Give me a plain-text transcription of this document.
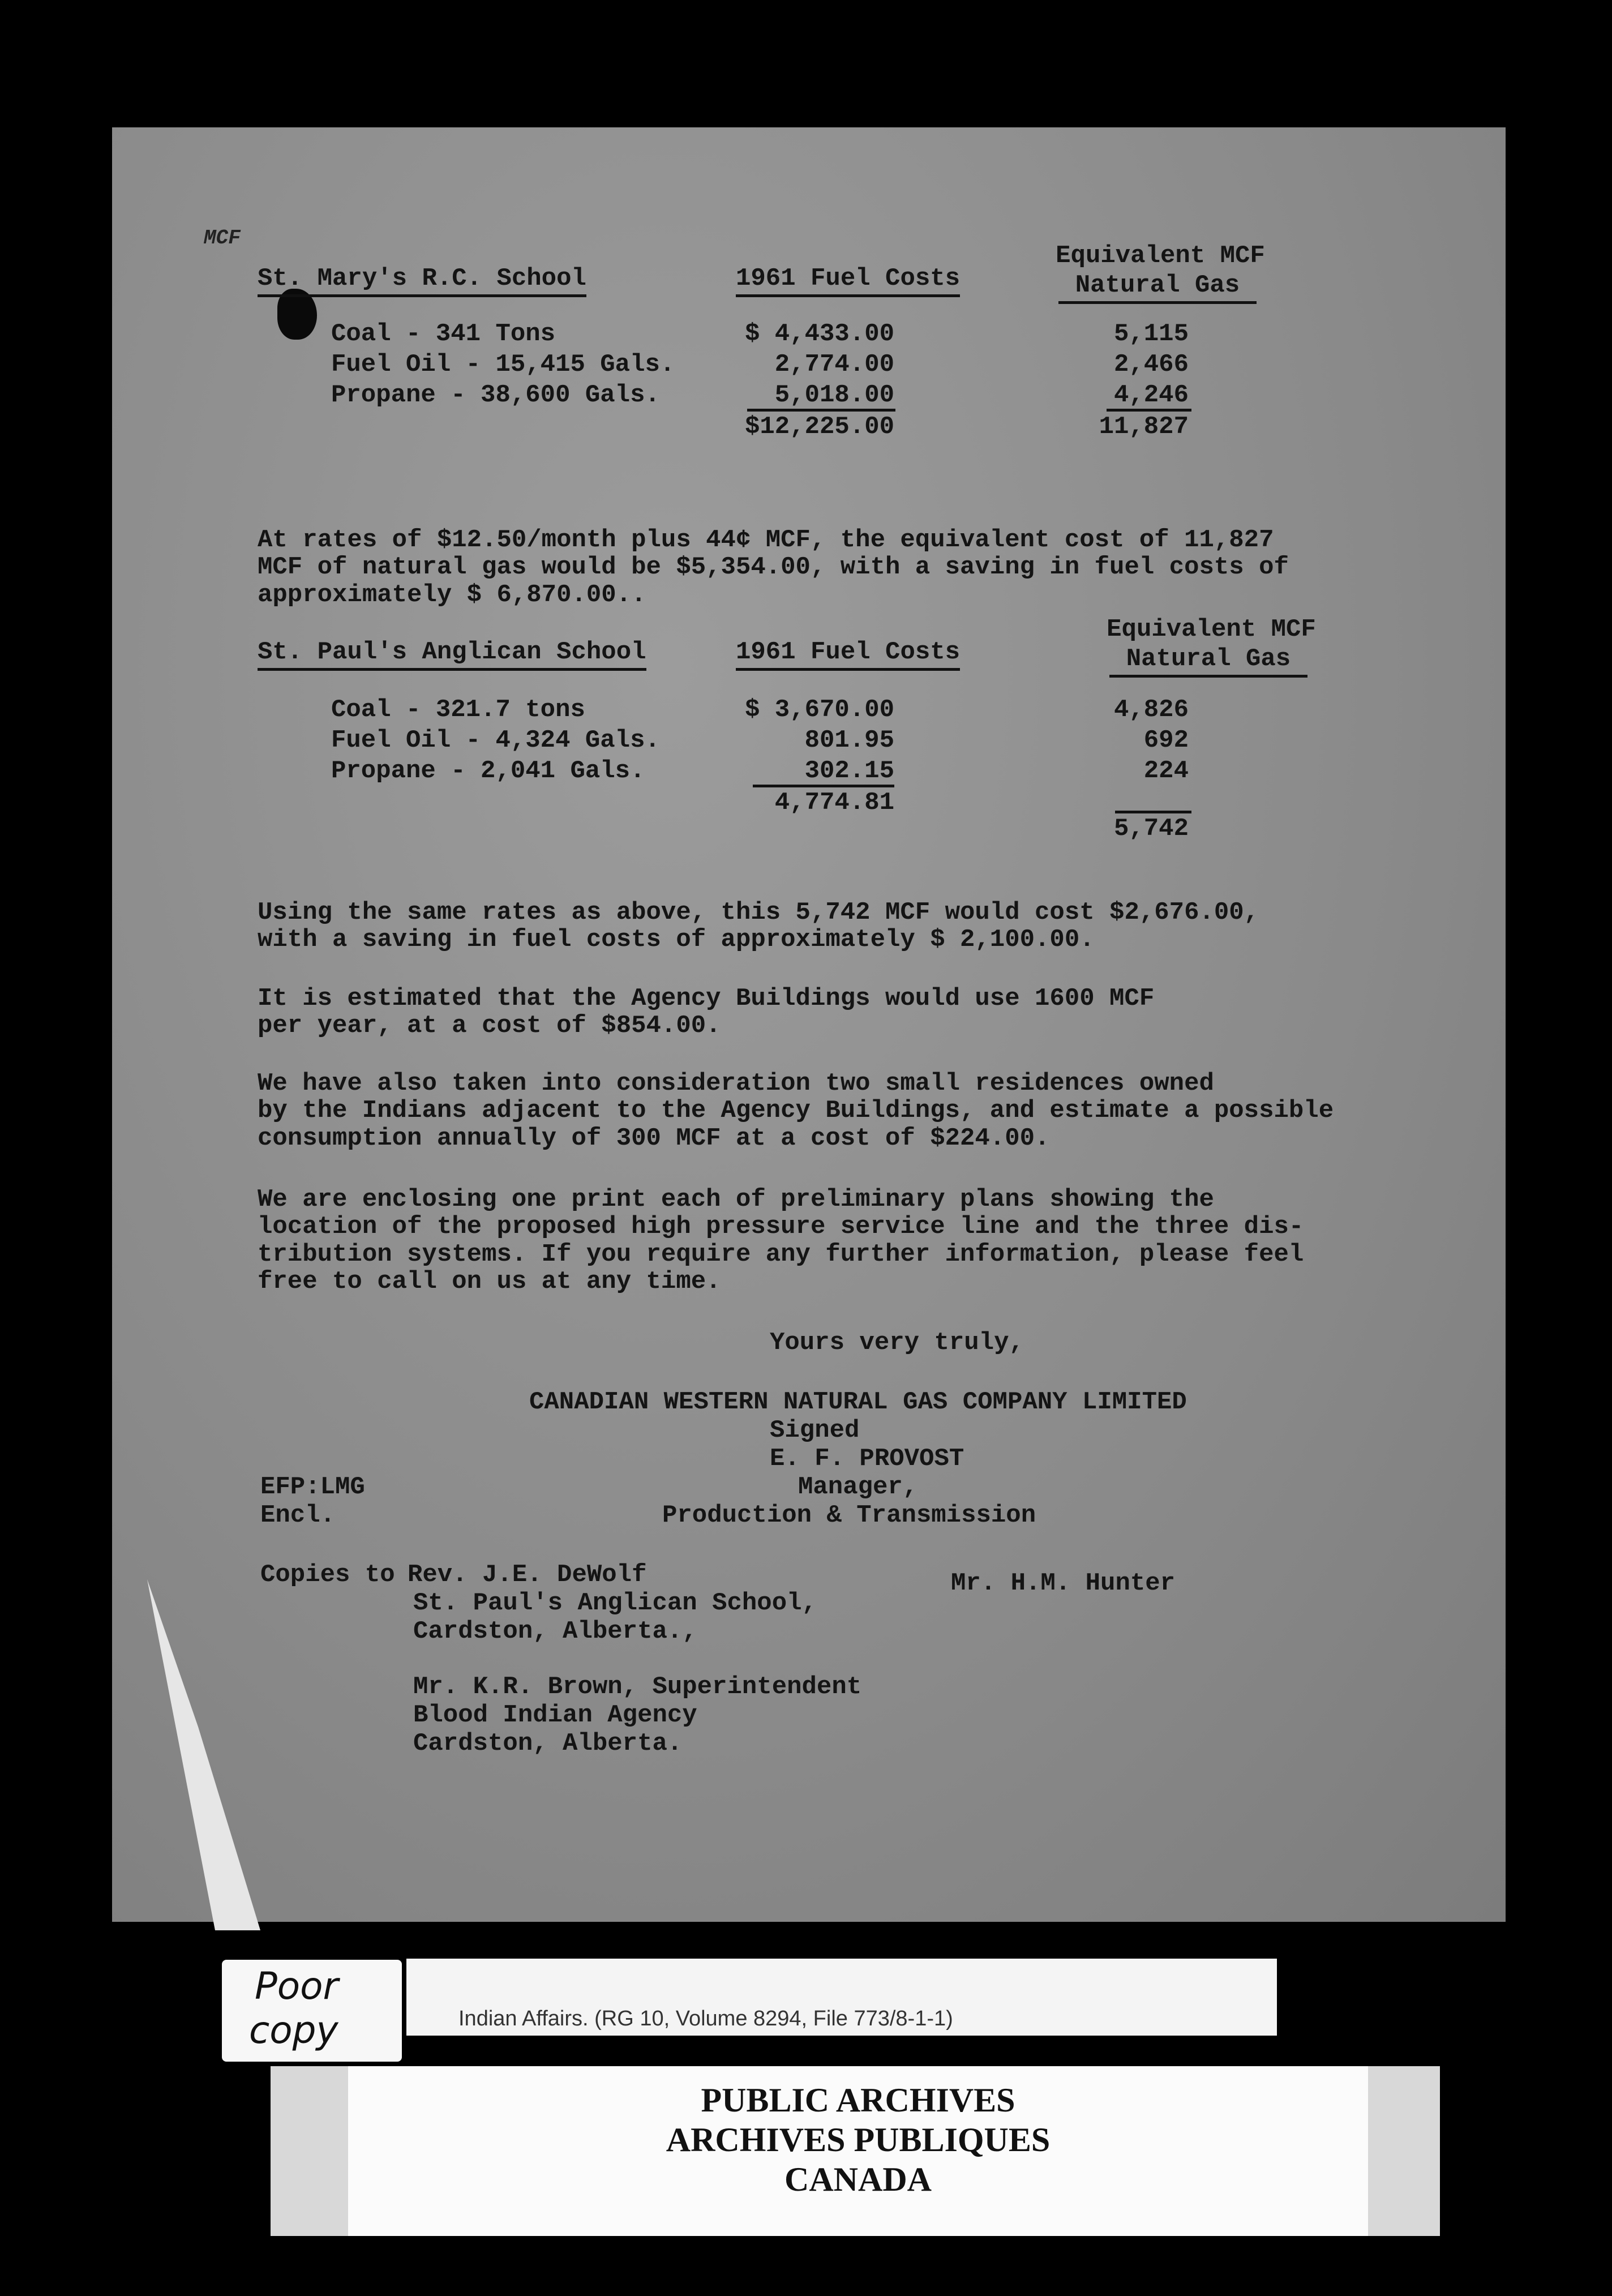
MCF
St. Mary's R.C. School	1961 Fuel Costs
Equivalent MCF
Natural Gas
Coal - 341 Tons
Fuel Oil - 15,415 Gals.
Propane - 38,600 Gals.
$ 4,433.00
2,774.00
5,018.00
$12,225.00
5,115
2,466
4,246
11,827

At rates of $12.50/month plus 44¢ MCF, the equivalent cost of 11,827

MCF of natural gas would be $5,354.00, with a saving in fuel costs of

approximately $ 6,870.00..

St. Paul's Anglican School	1961 Fuel Costs
Equivalent MCF
Natural Gas
Coal - 321.7 tons
Fuel Oil - 4,324 Gals.
Propane - 2,041 Gals.
$ 3,670.00
801.95
302.15
4,774.81
4,826
692
224
5,742

Using the same rates as above, this 5,742 MCF would cost $2,676.00,

with a saving in fuel costs of approximately $ 2,100.00.

It is estimated that the Agency Buildings would use 1600 MCF

per year, at a cost of $854.00.

We have also taken into consideration two small residences owned

by the Indians adjacent to the Agency Buildings, and estimate a possible

consumption annually of 300 MCF at a cost of $224.00.

We are enclosing one print each of preliminary plans showing the

location of the proposed high pressure service line and the three dis-

tribution systems. If you require any further information, please feel

free to call on us at any time.

Yours very truly,
CANADIAN WESTERN NATURAL GAS COMPANY LIMITED
Signed
E. F. PROVOST
Manager,
Production & Transmission
EFP:LMG
Encl.
Copies to Rev. J.E. DeWolf
St. Paul's Anglican School,
Cardston, Alberta.,
Mr. K.R. Brown, Superintendent
Blood Indian Agency
Cardston, Alberta.
Mr. H.M. Hunter
Indian Affairs. (RG 10, Volume 8294, File 773/8-1-1)
Poor
copy
PUBLIC ARCHIVES
ARCHIVES PUBLIQUES
CANADA
